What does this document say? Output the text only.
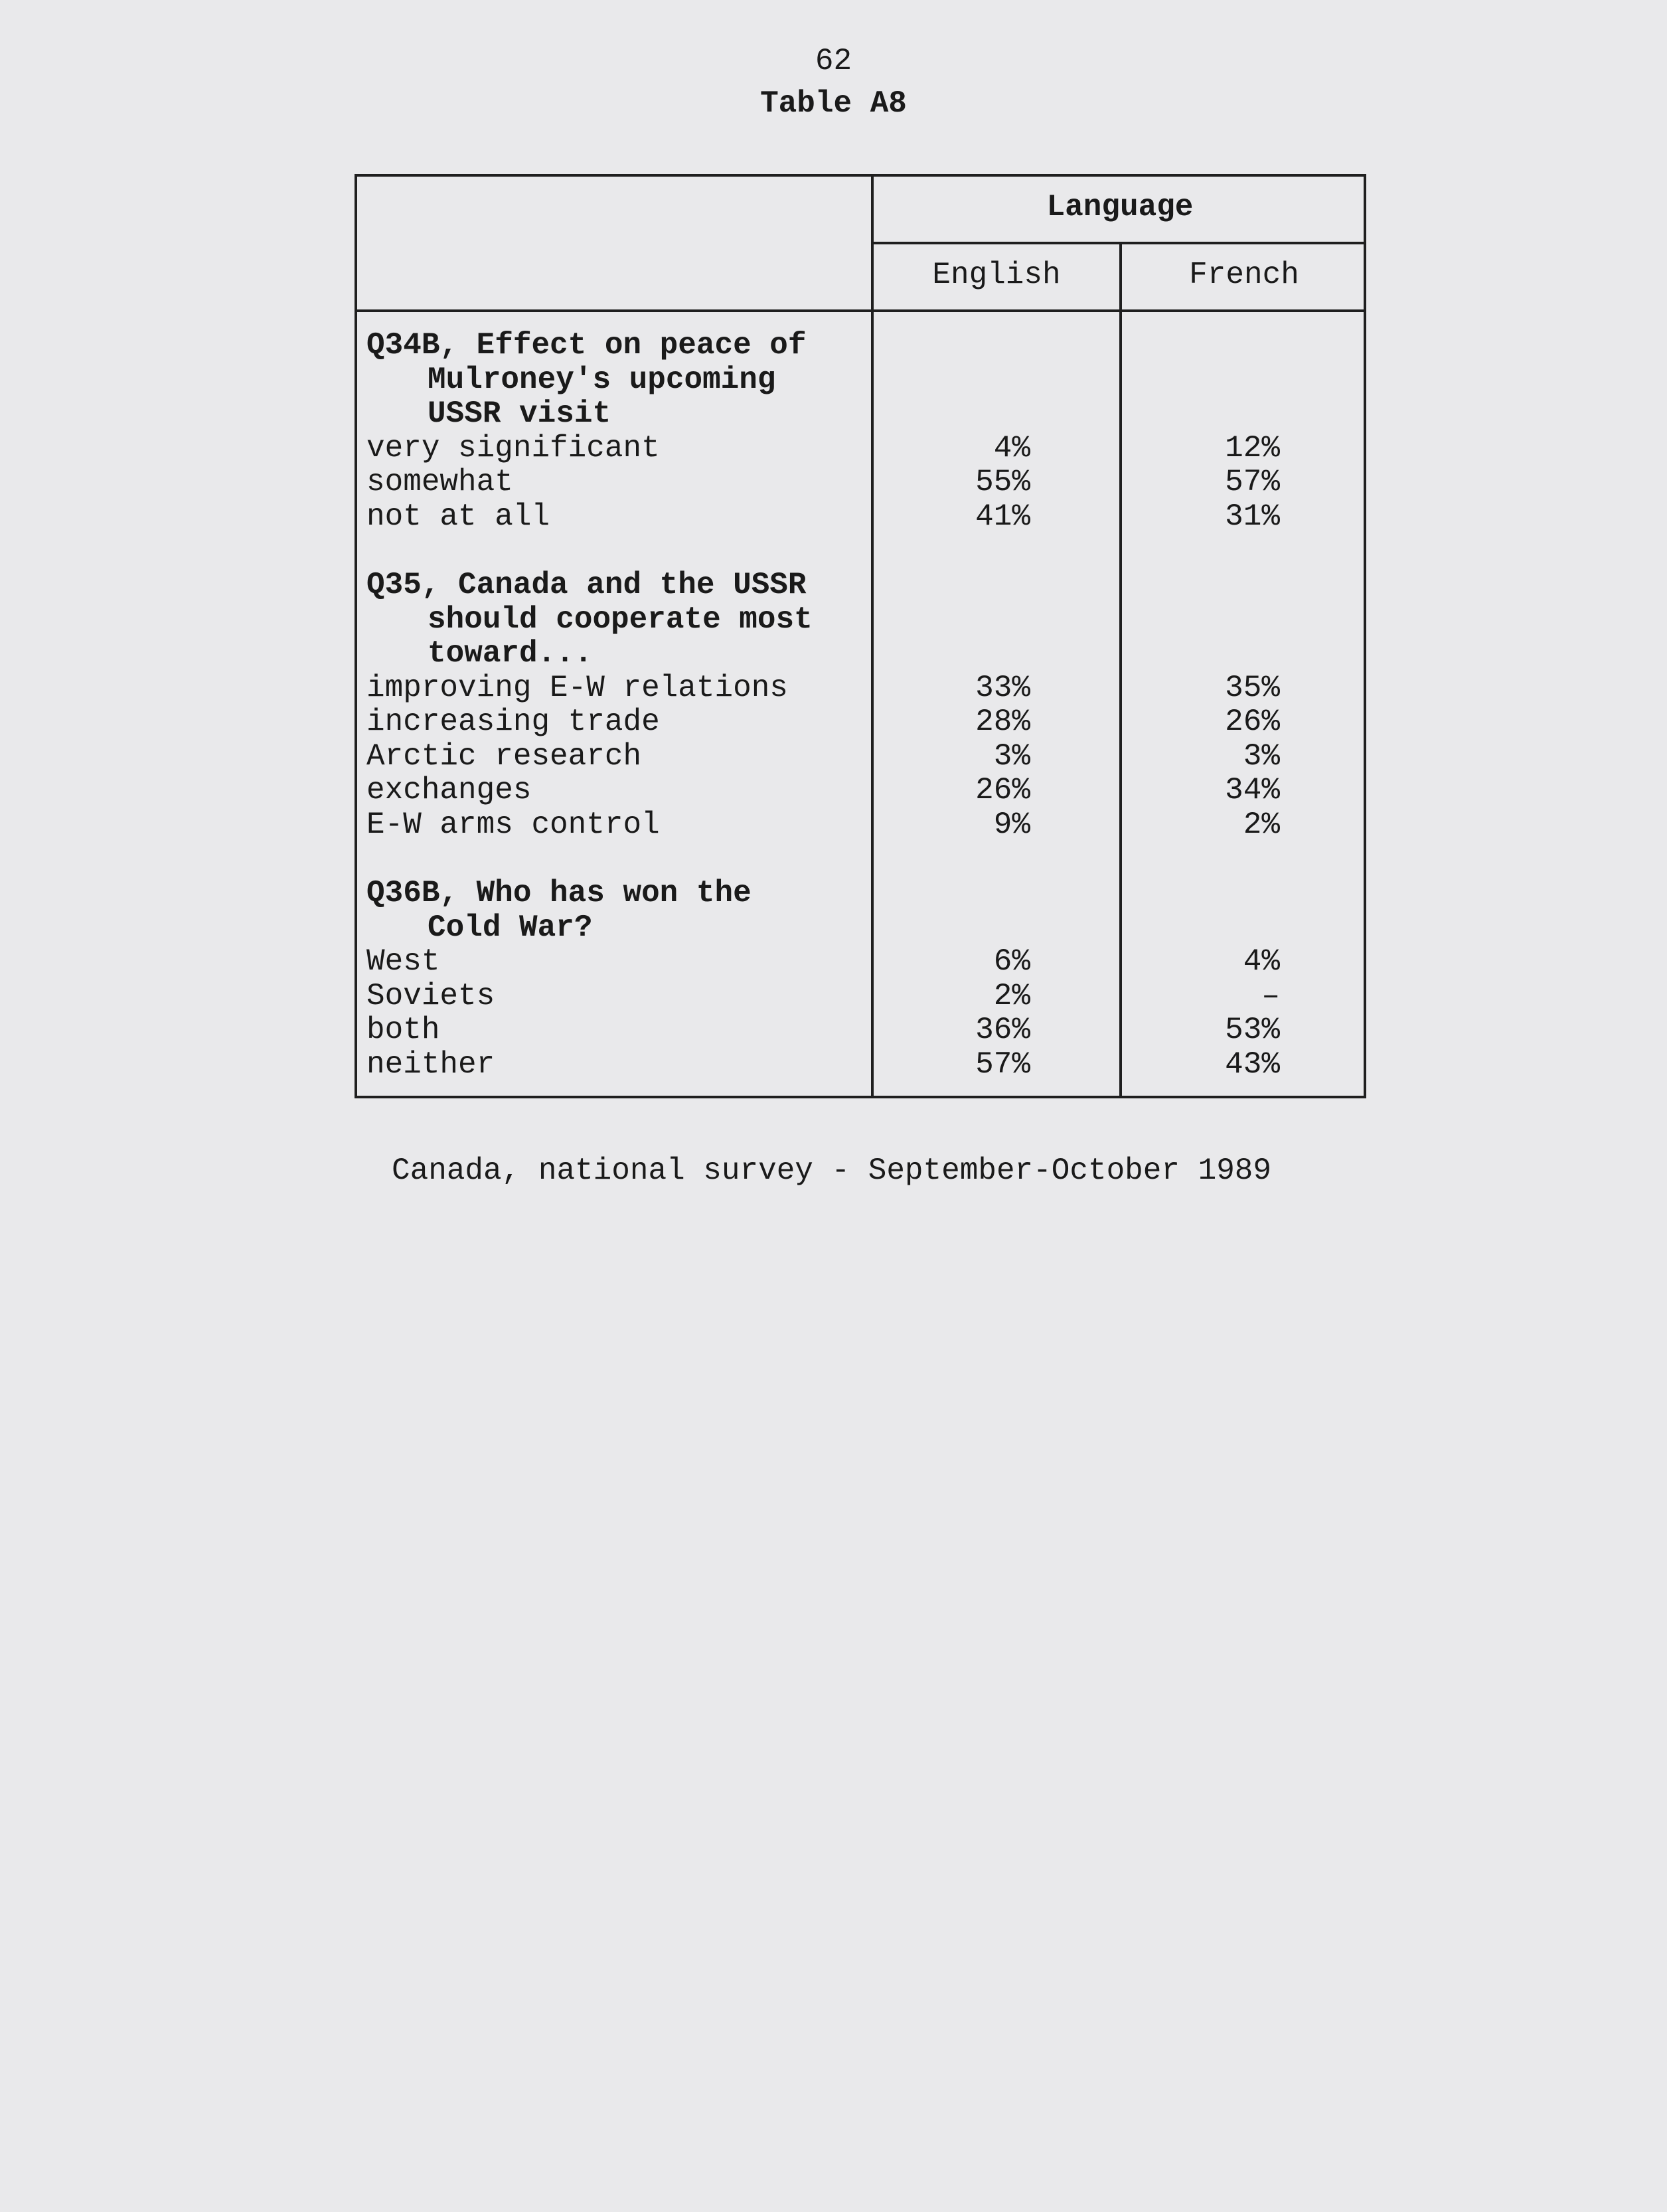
62
Table A8
Language
English	French
Q34B, Effect on peace of
Mulroney's upcoming
USSR visit
very significant	4%	12%
somewhat	55%	57%
not at all	41%	31%
Q35, Canada and the USSR
should cooperate most
toward...
improving E-W relations	33%	35%
increasing trade	28%	26%
Arctic research	3%	3%
exchanges	26%	34%
E-W arms control	9%	2%
Q36B, Who has won the
Cold War?
West	6%	4%
Soviets	2%	–
both	36%	53%
neither	57%	43%
Canada, national survey - September-October 1989
